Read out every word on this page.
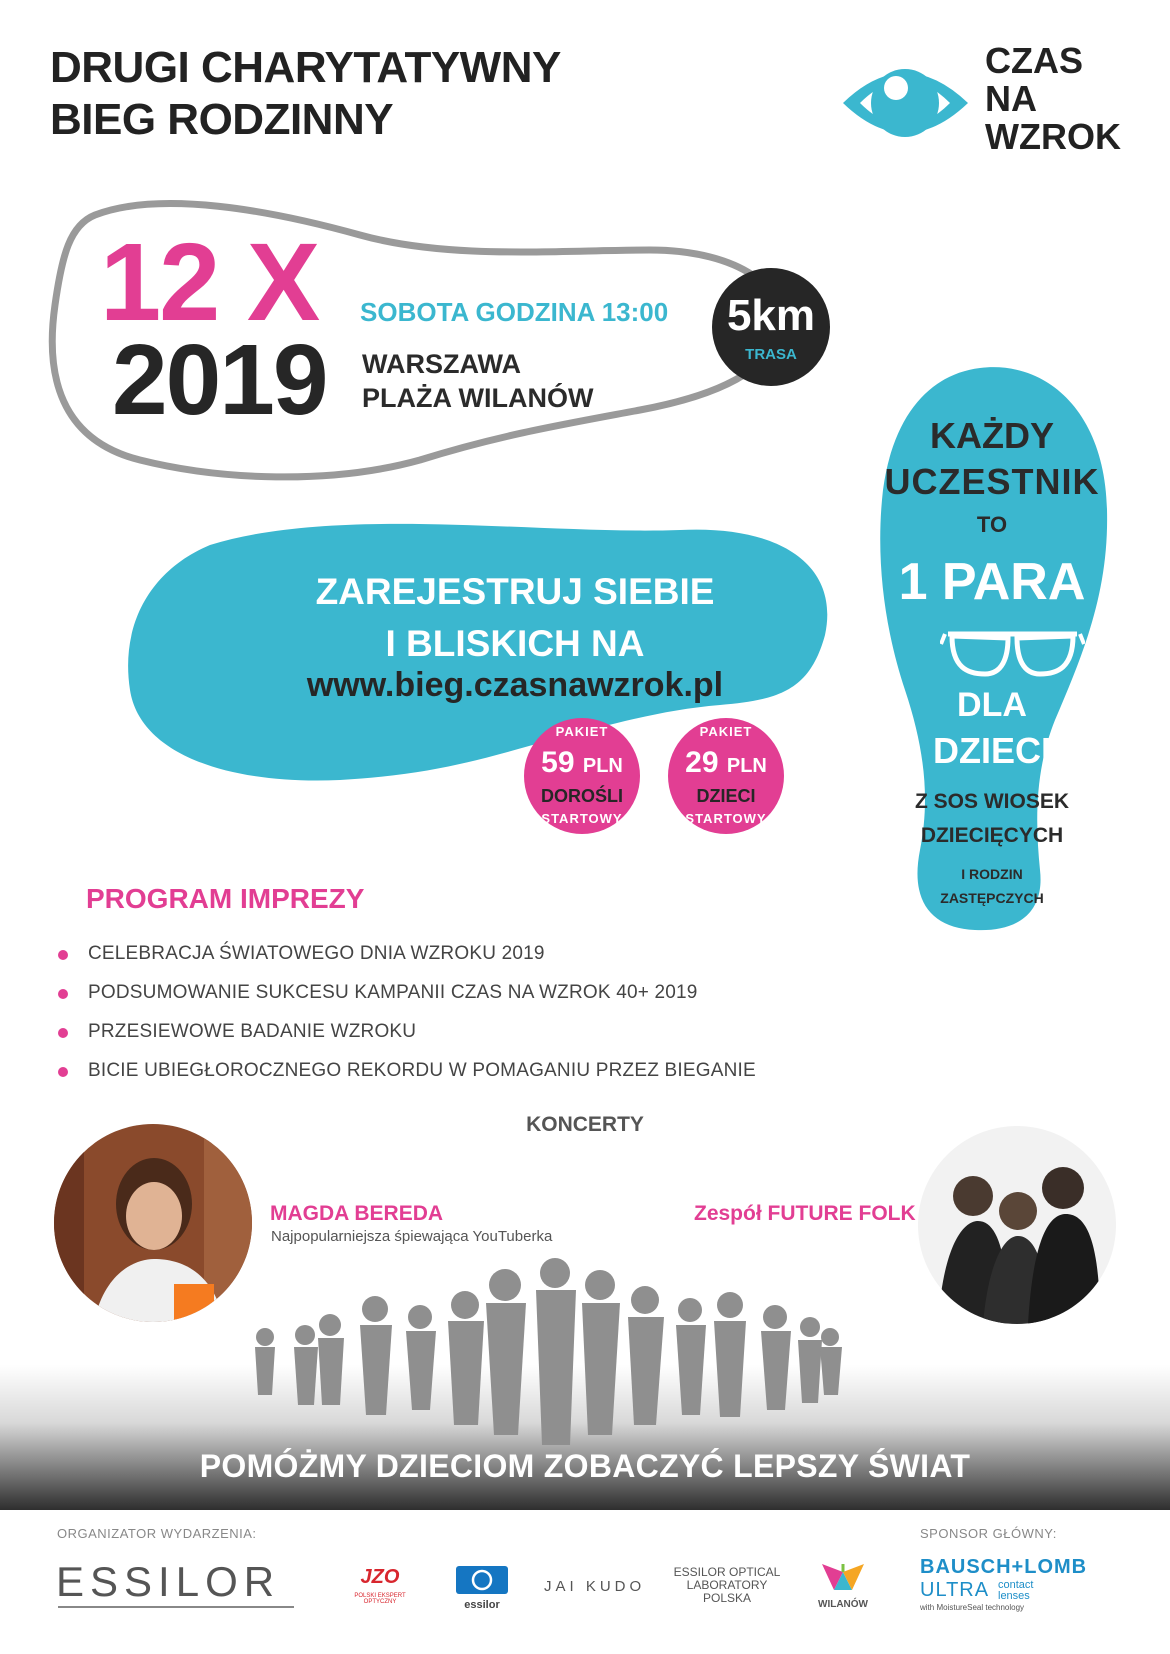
DRUGI CHARYTATYWNY
BIEG RODZINNY
CZAS
NA
WZROK
12 X
2019
SOBOTA GODZINA 13:00
WARSZAWA
PLAŻA WILANÓW
5km
TRASA
ZAREJESTRUJ SIEBIE
I BLISKICH NA
www.bieg.czasnawzrok.pl
PAKIET
59 PLN
DOROŚLI
STARTOWY
PAKIET
29 PLN
DZIECI
STARTOWY
KAŻDY
UCZESTNIK
TO
1 PARA
DLA
DZIECI
Z SOS WIOSEK
DZIECIĘCYCH
I RODZIN
ZASTĘPCZYCH
PROGRAM IMPREZY
CELEBRACJA ŚWIATOWEGO DNIA WZROKU 2019
PODSUMOWANIE SUKCESU KAMPANII CZAS NA WZROK 40+ 2019
PRZESIEWOWE BADANIE WZROKU
BICIE UBIEGŁOROCZNEGO REKORDU W POMAGANIU PRZEZ BIEGANIE
KONCERTY
MAGDA BEREDA
Najpopularniejsza śpiewająca YouTuberka
Zespół FUTURE FOLK
POMÓŻMY DZIECIOM ZOBACZYĆ LEPSZY ŚWIAT
ORGANIZATOR WYDARZENIA:	SPONSOR GŁÓWNY:
ESSILOR	JZO
POLSKI EKSPERT OPTYCZNY	essilor
JAI KUDO
ESSILOR OPTICAL
LABORATORY
POLSKA	WILANÓW
BAUSCH+LOMB
ULTRA contact
lenses
with MoistureSeal technology
